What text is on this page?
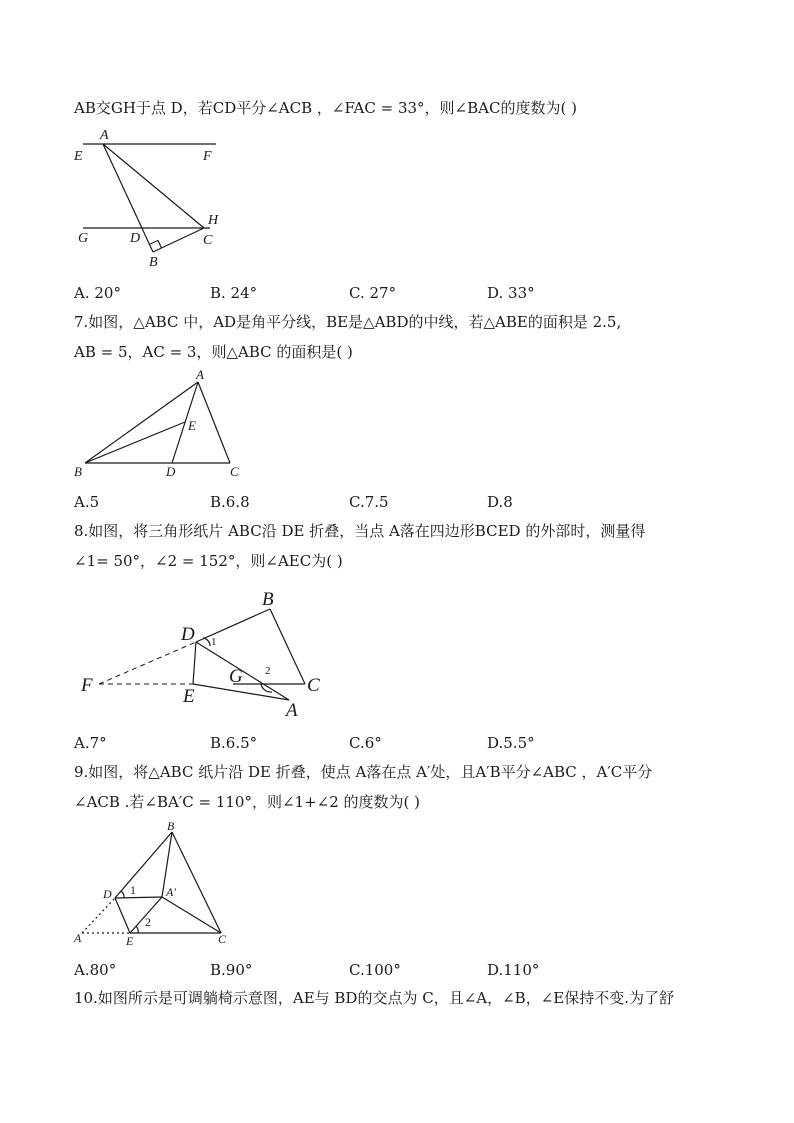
AB交GH于点 D，若CD平分∠ACB ，∠FAC = 33°，则∠BAC的度数为( )
A
E	F
G	D
H
C
B
A. 20°	B. 24°	C. 27°	D. 33°
7.如图，△ABC 中，AD是角平分线，BE是△ABD的中线，若△ABE的面积是 2.5,
AB = 5，AC = 3，则△ABC 的面积是( )
A
E
B	D	C
A.5	B.6.8	C.7.5	D.8
8.如图，将三角形纸片 ABC沿 DE 折叠，当点 A落在四边形BCED 的外部时，测量得
∠1= 50°，∠2 = 152°，则∠AEC为( )
B
D 1
G 2
C
F
E
A
A.7°	B.6.5°	C.6°	D.5.5°
9.如图，将△ABC 纸片沿 DE 折叠，使点 A落在点 A′处，且A′B平分∠ABC ，A′C平分
∠ACB .若∠BA′C = 110°，则∠1+∠2 的度数为( )
B
D 1	A′
2
A	E	C
A.80°	B.90°	C.100°	D.110°
10.如图所示是可调躺椅示意图，AE与 BD的交点为 C，且∠A，∠B，∠E保持不变.为了舒
